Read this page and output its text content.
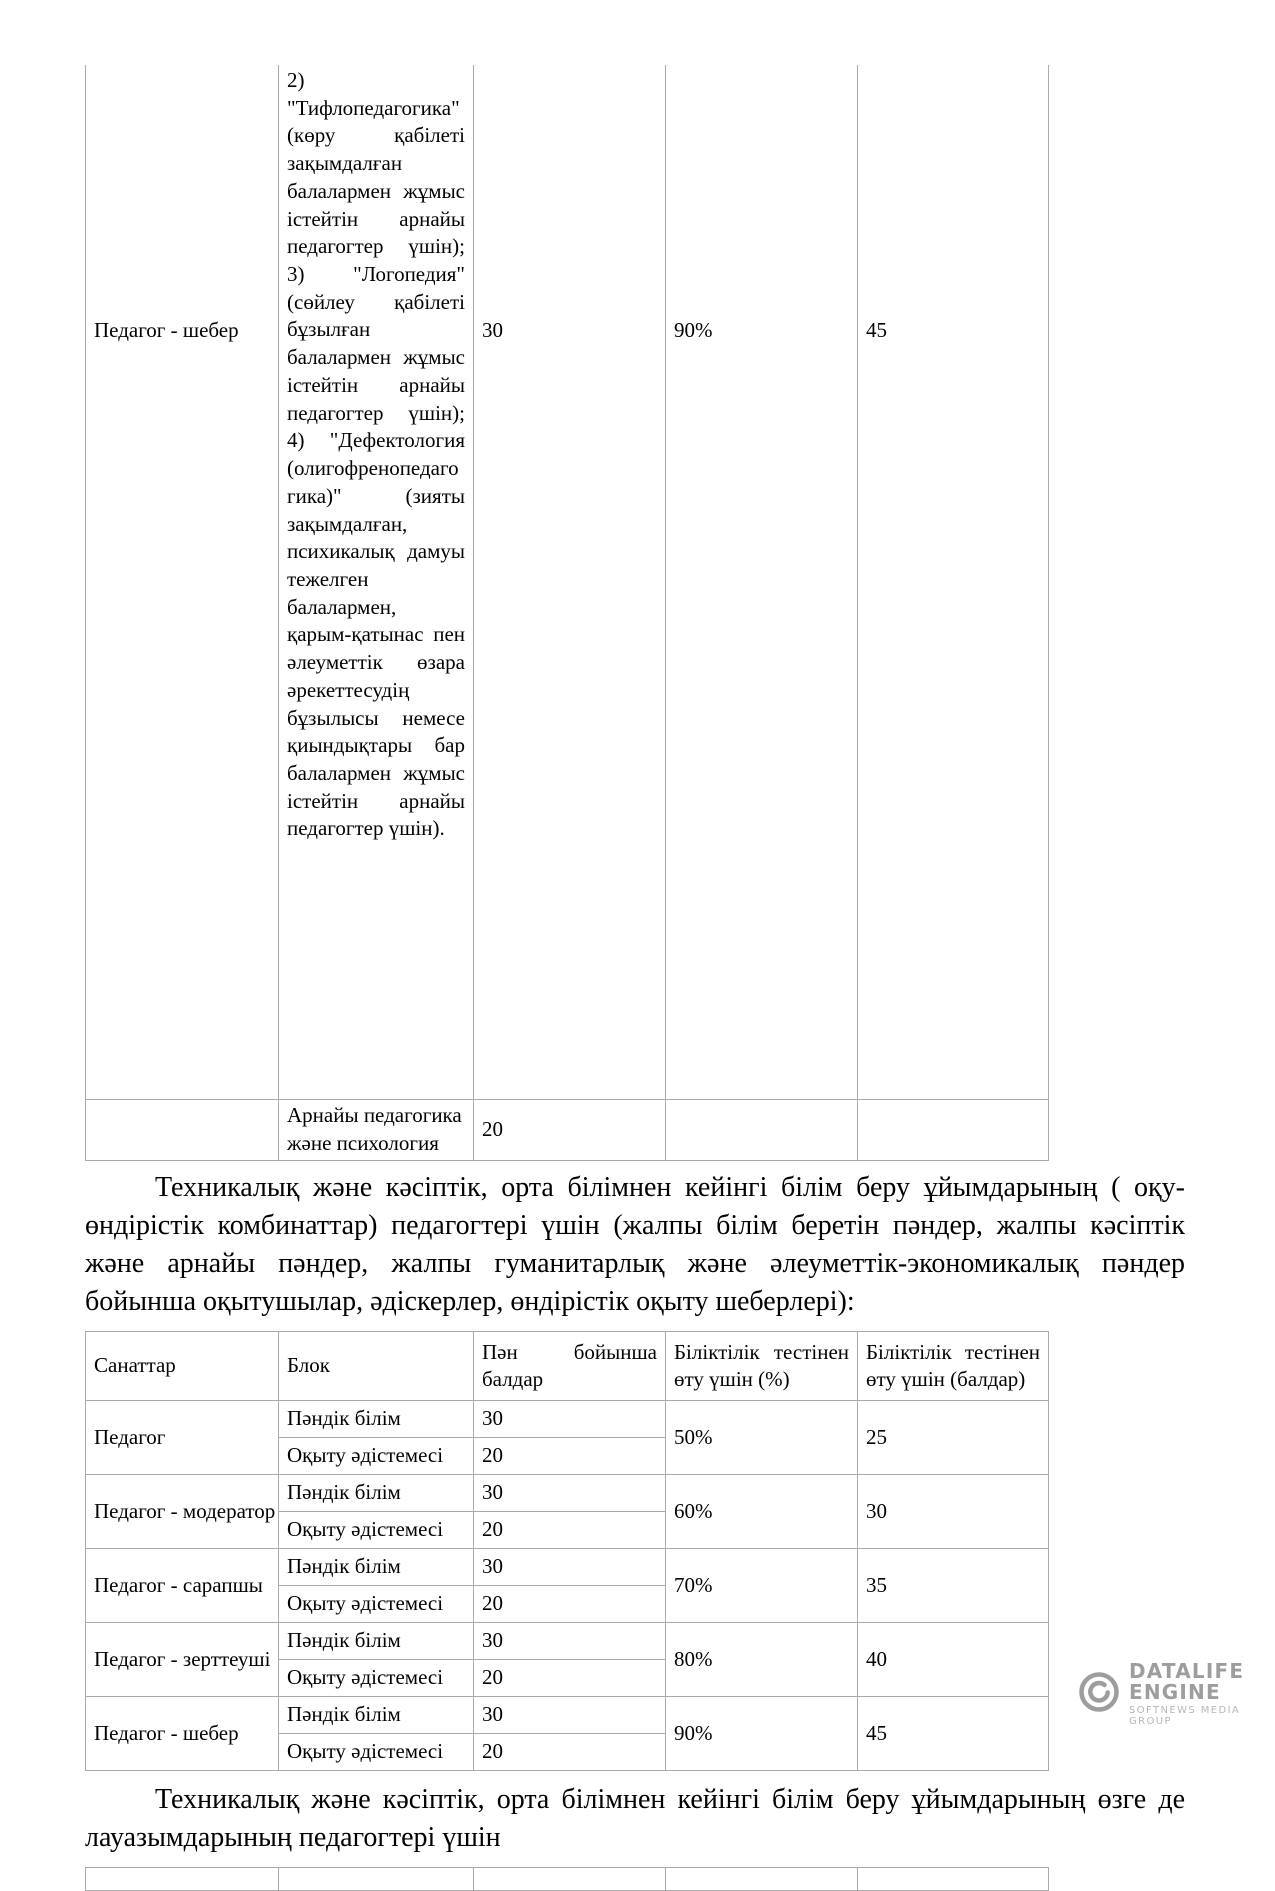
Педагог - шебер	2) "Тифлопедагогика" (көру қабілеті зақымдалған балалармен жұмыс істейтін арнайы педагогтер үшін); 3) "Логопедия" (сөйлеу қабілеті бұзылған балалармен жұмыс істейтін арнайы педагогтер үшін); 4) "Дефектология (олигофренопедагогика)" (зияты зақымдалған, психикалық дамуы тежелген балалармен, қарым-қатынас пен әлеуметтік өзара әрекеттесудің бұзылысы немесе қиындықтары бар балалармен жұмыс істейтін арнайы педагогтер үшін).	30	90%	45
	Арнайы педагогика және психология	20		

Техникалық және кәсіптік, орта білімнен кейінгі білім беру ұйымдарының ( оқу-өндірістік комбинаттар) педагогтері үшін (жалпы білім беретін пәндер, жалпы кәсіптік және арнайы пәндер, жалпы гуманитарлық және әлеуметтік-экономикалық пәндер бойынша оқытушылар, әдіскерлер, өндірістік оқыту шеберлері):

Санаттар	Блок	Пән бойынша балдар	Біліктілік тестінен өту үшін (%)	Біліктілік тестінен өту үшін (балдар)
Педагог	Пәндік білім	30	50%	25
	Оқыту әдістемесі	20		
Педагог - модератор	Пәндік білім	30	60%	30
	Оқыту әдістемесі	20		
Педагог - сарапшы	Пәндік білім	30	70%	35
	Оқыту әдістемесі	20		
Педагог - зерттеуші	Пәндік білім	30	80%	40
	Оқыту әдістемесі	20		
Педагог - шебер	Пәндік білім	30	90%	45
	Оқыту әдістемесі	20		

Техникалық және кәсіптік, орта білімнен кейінгі білім беру ұйымдарының өзге де лауазымдарының педагогтері үшін

DATALIFE ENGINE
SOFTNEWS MEDIA GROUP
